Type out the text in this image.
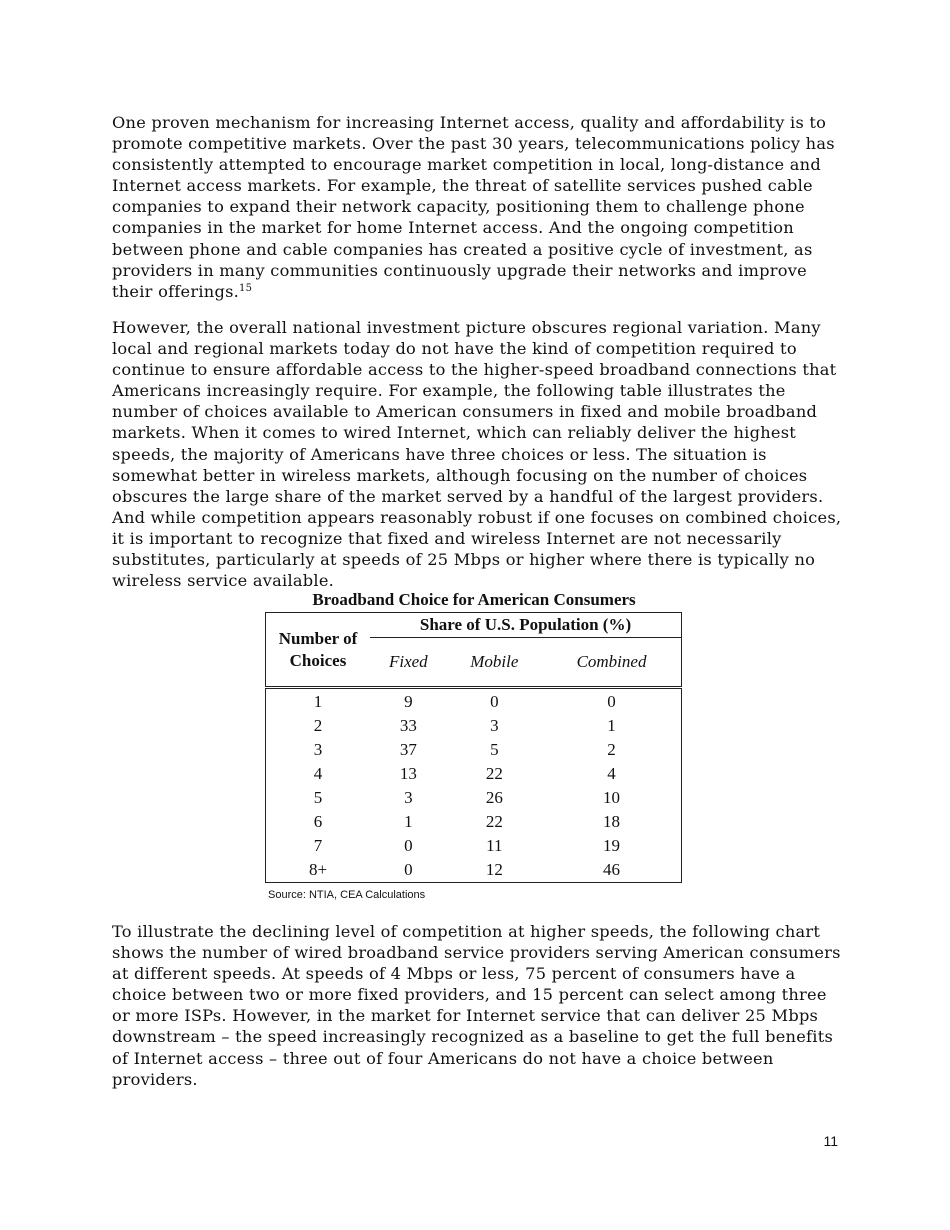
One proven mechanism for increasing Internet access, quality and affordability is to promote competitive markets. Over the past 30 years, telecommunications policy has consistently attempted to encourage market competition in local, long-distance and Internet access markets. For example, the threat of satellite services pushed cable companies to expand their network capacity, positioning them to challenge phone companies in the market for home Internet access. And the ongoing competition between phone and cable companies has created a positive cycle of investment, as providers in many communities continuously upgrade their networks and improve their offerings.$^{15}$

However, the overall national investment picture obscures regional variation. Many local and regional markets today do not have the kind of competition required to continue to ensure affordable access to the higher-speed broadband connections that Americans increasingly require. For example, the following table illustrates the number of choices available to American consumers in fixed and mobile broadband markets. When it comes to wired Internet, which can reliably deliver the highest speeds, the majority of Americans have three choices or less. The situation is somewhat better in wireless markets, although focusing on the number of choices obscures the large share of the market served by a handful of the largest providers. And while competition appears reasonably robust if one focuses on combined choices, it is important to recognize that fixed and wireless Internet are not necessarily substitutes, particularly at speeds of 25 Mbps or higher where there is typically no wireless service available.

Broadband Choice for American Consumers
Number of
Choices	Share of U.S. Population (%)		
	Fixed	Mobile	Combined
1	9	0	0
2	33	3	1
3	37	5	2
4	13	22	4
5	3	26	10
6	1	22	18
7	0	11	19
8+	0	12	46
Source: NTIA, CEA Calculations

To illustrate the declining level of competition at higher speeds, the following chart shows the number of wired broadband service providers serving American consumers at different speeds. At speeds of 4 Mbps or less, 75 percent of consumers have a choice between two or more fixed providers, and 15 percent can select among three or more ISPs. However, in the market for Internet service that can deliver 25 Mbps downstream – the speed increasingly recognized as a baseline to get the full benefits of Internet access – three out of four Americans do not have a choice between providers.

11
